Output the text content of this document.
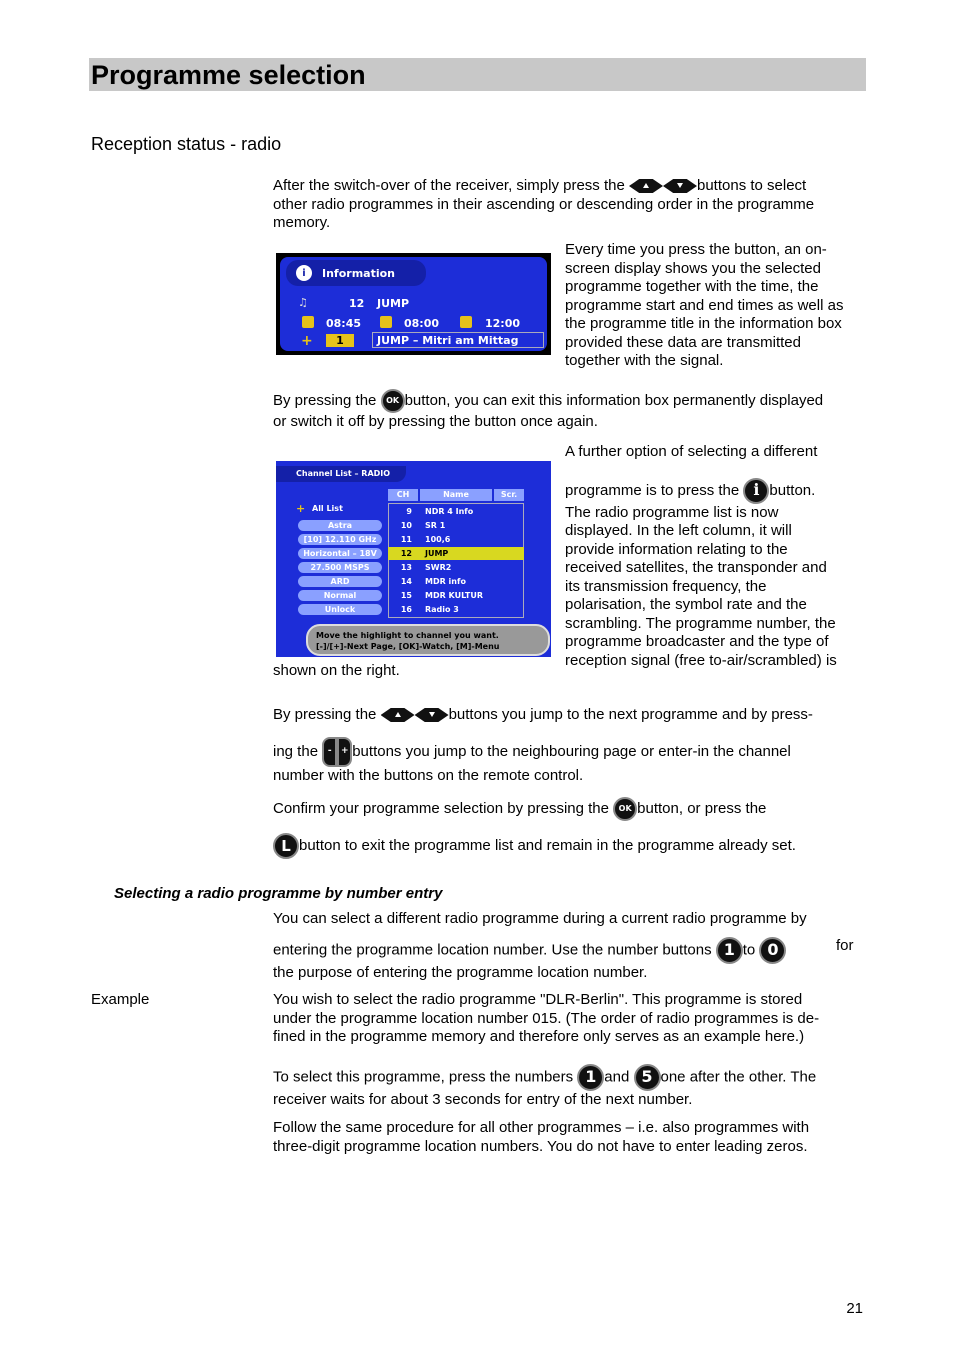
Programme selection
Reception status - radio
After the switch-over of the receiver, simply press the	buttons to select
other radio programmes in their ascending or descending order in the programme
memory.
i	Information
♫	12 JUMP
08:45	08:00	12:00
+	1	JUMP – Mitri am Mittag
Every time you press the button, an on-
screen display shows you the selected
programme together with the time, the
programme start and end times as well as
the programme title in the information box
provided these data are transmitted
together with the signal.
By pressing the OK button, you can exit this information box permanently displayed
or switch it off by pressing the button once again.
Channel List – RADIO
CH	Name	Scr.
+ All List
Astra
[10] 12.110 GHz
Horizontal – 18V
27.500 MSPS
ARD
Normal
Unlock
9 NDR 4 Info
10 SR 1
11 100,6
12 JUMP
13 SWR2
14 MDR info
15 MDR KULTUR
16 Radio 3
Move the highlight to channel you want.
[-]/[+]-Next Page, [OK]-Watch, [M]-Menu
A further option of selecting a different
programme is to press the i button.
The radio programme list is now
displayed. In the left column, it will
provide information relating to the
received satellites, the transponder and
its transmission frequency, the
polarisation, the symbol rate and the
scrambling. The programme number, the
programme broadcaster and the type of
reception signal (free to-air/scrambled) is
shown on the right.
By pressing the	buttons you jump to the next programme and by press-
ing the	-	+ buttons you jump to the neighbouring page or enter-in the channel
number with the buttons on the remote control.
Confirm your programme selection by pressing the OK button, or press the
L button to exit the programme list and remain in the programme already set.
Selecting a radio programme by number entry
You can select a different radio programme during a current radio programme by
entering the programme location number. Use the number buttons 1 to 0	for
the purpose of entering the programme location number.
Example	You wish to select the radio programme "DLR-Berlin". This programme is stored
under the programme location number 015. (The order of radio programmes is de-
fined in the programme memory and therefore only serves as an example here.)
To select this programme, press the numbers 1 and 5 one after the other. The
receiver waits for about 3 seconds for entry of the next number.
Follow the same procedure for all other programmes – i.e. also programmes with
three-digit programme location numbers. You do not have to enter leading zeros.
21
